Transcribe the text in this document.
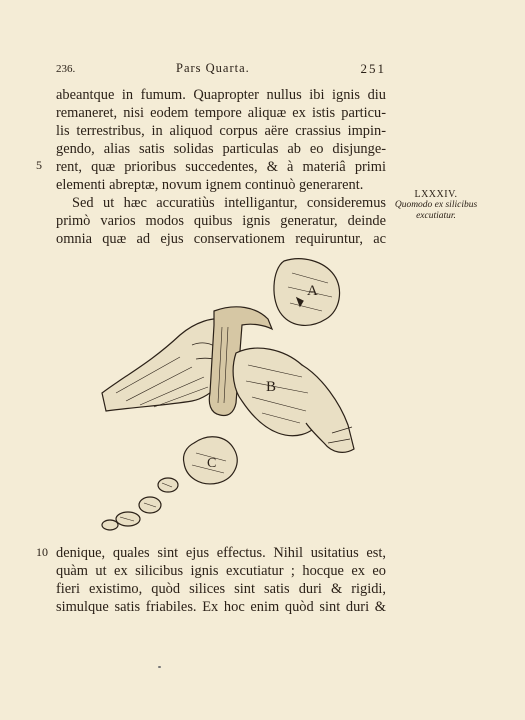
236.	Pars Quarta.	251
abeantque in fumum. Quapropter nullus ibi ignis diu
remaneret, nisi eodem tempore aliquæ ex istis particu-
lis terrestribus, in aliquod corpus aëre crassius impin-
gendo, alias satis solidas particulas ab eo disjunge-
rent, quæ prioribus succedentes, & à materiâ primi
elementi abreptæ, novum ignem continuò generarent.
5
Sed ut hæc accuratiùs intelligantur, consideremus
primò varios modos quibus ignis generatur, deinde
omnia quæ ad ejus conservationem requiruntur, ac
LXXXIV.
Quomodo ex silicibus
excutiatur.
A
B
C
10 denique, quales sint ejus effectus. Nihil usitatius est,
quàm ut ex silicibus ignis excutiatur ; hocque ex eo
fieri existimo, quòd silices sint satis duri & rigidi,
simulque satis friabiles. Ex hoc enim quòd sint duri &
